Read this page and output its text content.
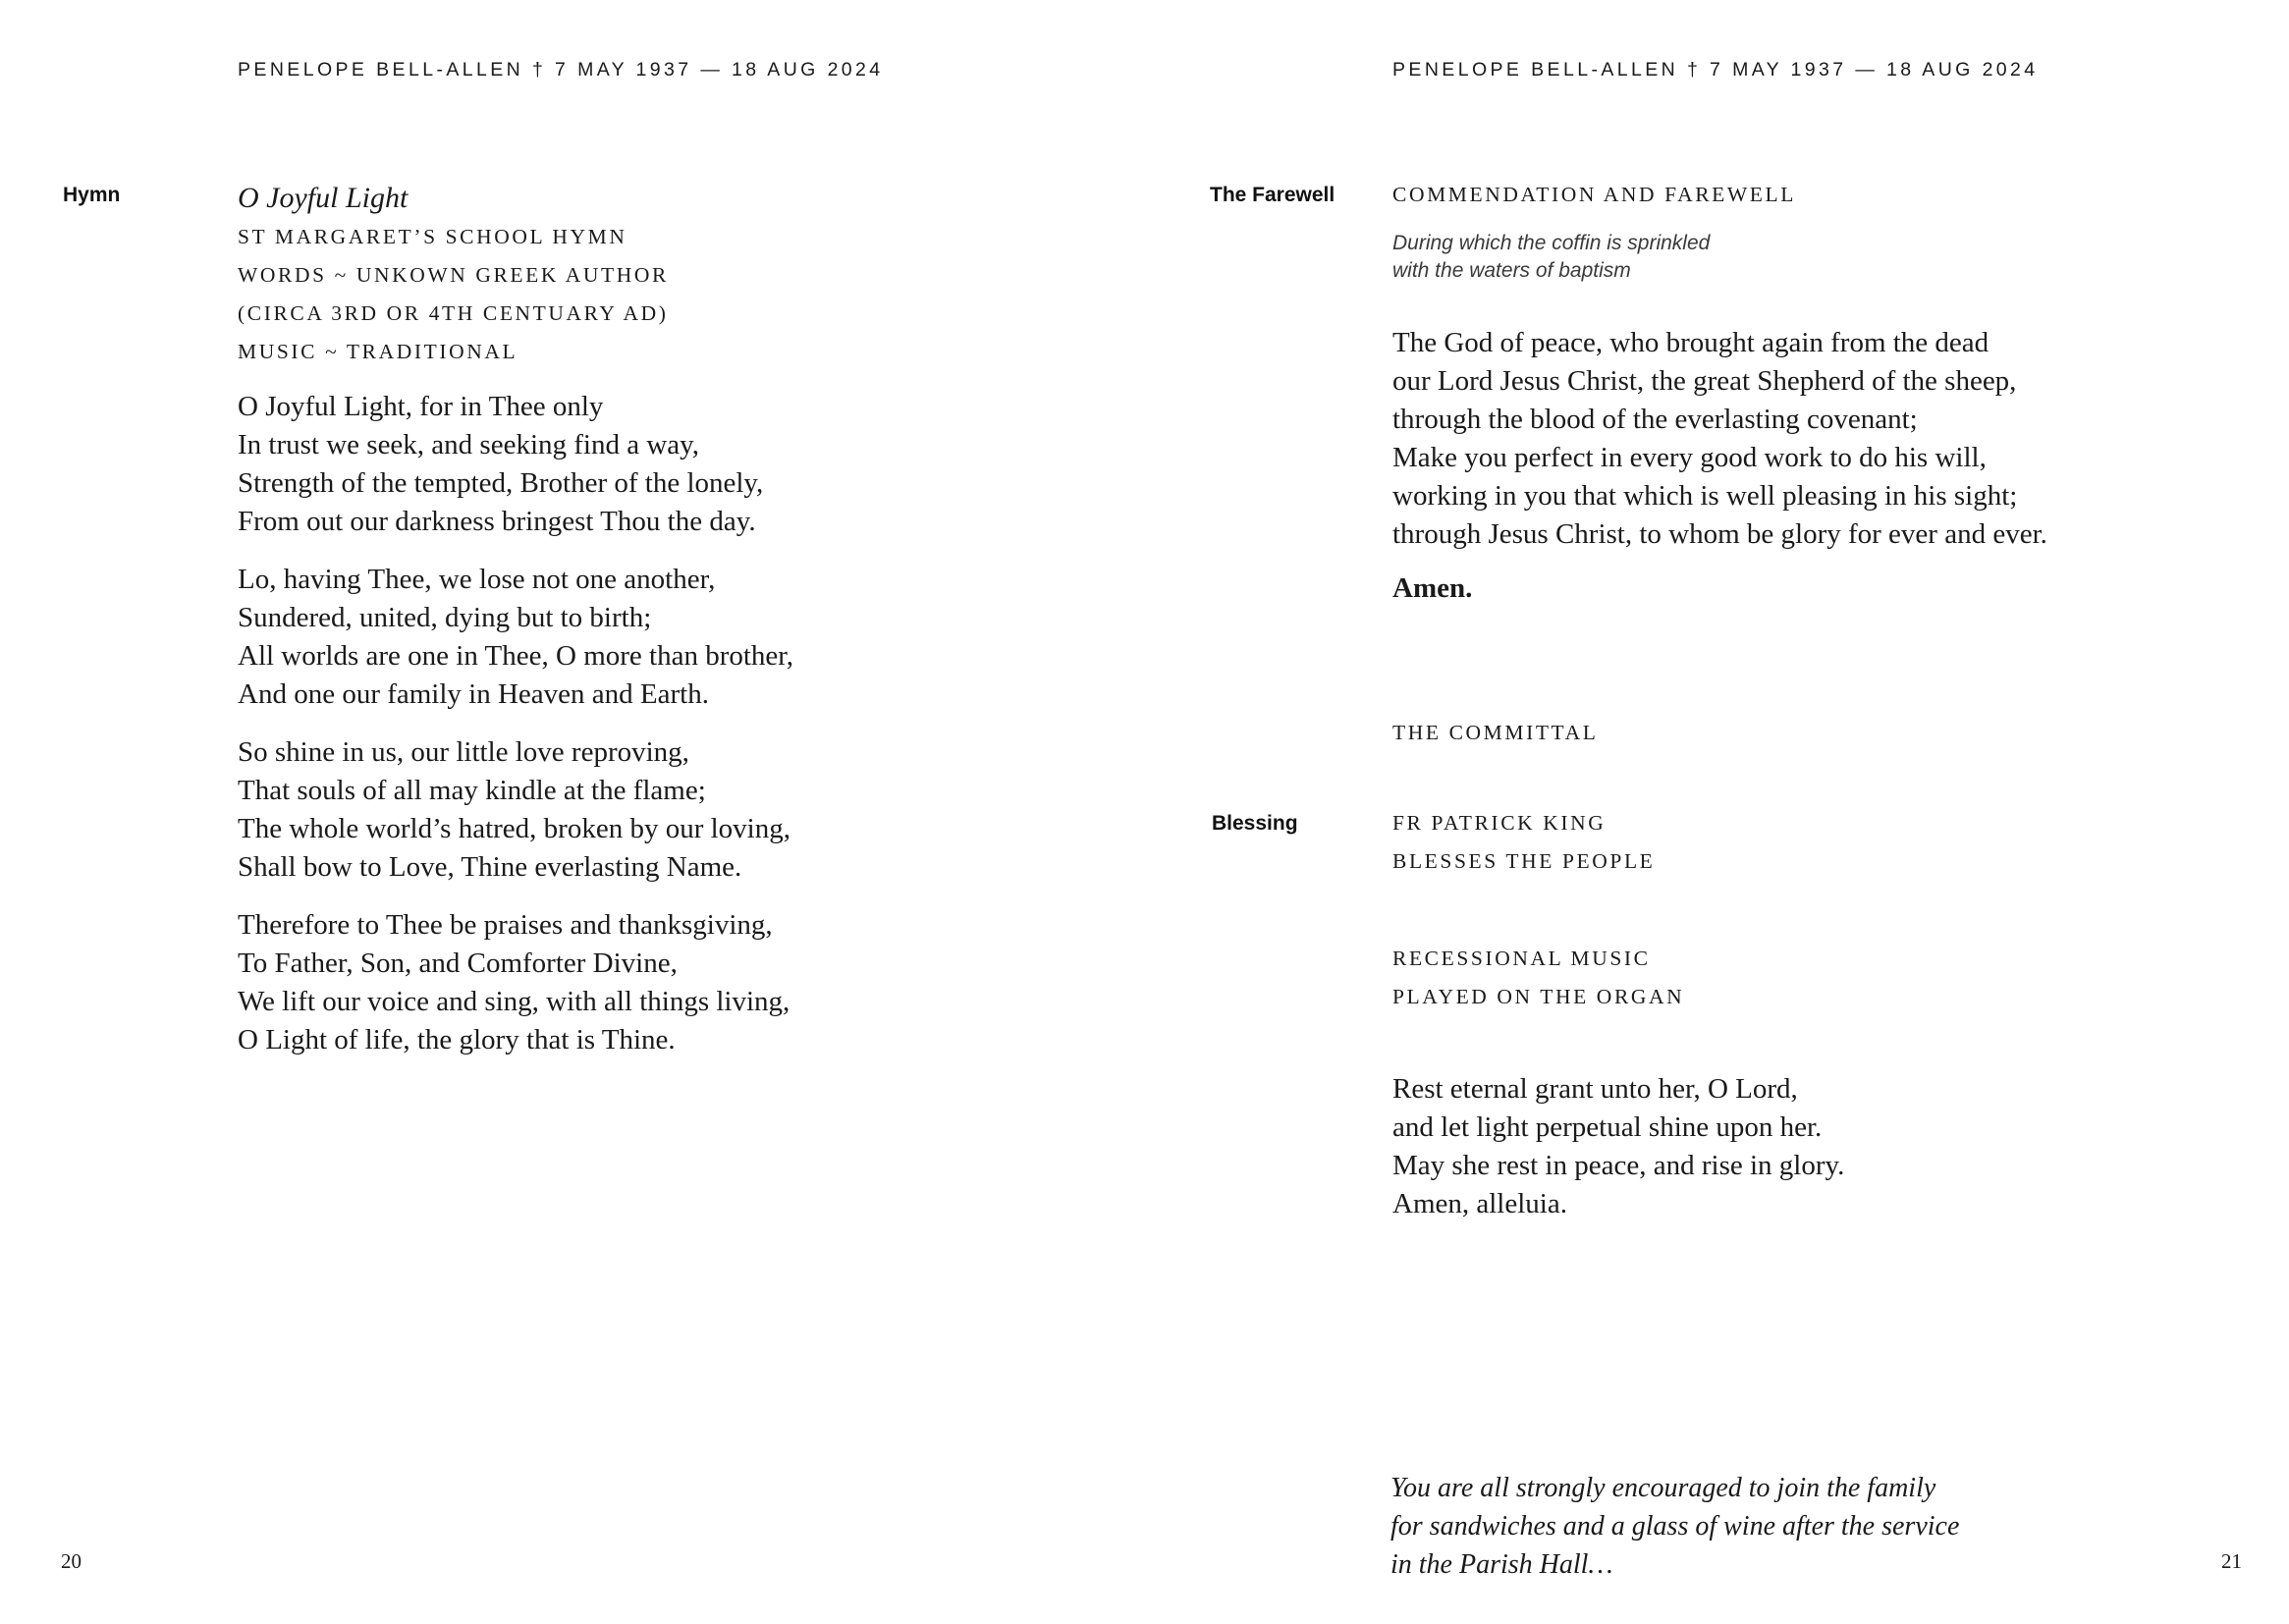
PENELOPE BELL-ALLEN † 7 MAY 1937 — 18 AUG 2024
Hymn	O Joyful Light

ST MARGARET’S SCHOOL HYMN

WORDS ~ UNKOWN GREEK AUTHOR

(CIRCA 3RD OR 4TH CENTUARY AD)

MUSIC ~ TRADITIONAL

O Joyful Light, for in Thee only

In trust we seek, and seeking find a way,

Strength of the tempted, Brother of the lonely,

From out our darkness bringest Thou the day.

Lo, having Thee, we lose not one another,

Sundered, united, dying but to birth;

All worlds are one in Thee, O more than brother,

And one our family in Heaven and Earth.

So shine in us, our little love reproving,

That souls of all may kindle at the flame;

The whole world’s hatred, broken by our loving,

Shall bow to Love, Thine everlasting Name.

Therefore to Thee be praises and thanksgiving,

To Father, Son, and Comforter Divine,

We lift our voice and sing, with all things living,

O Light of life, the glory that is Thine.

20
PENELOPE BELL-ALLEN † 7 MAY 1937 — 18 AUG 2024
The Farewell	COMMENDATION AND FAREWELL

During which the coffin is sprinkled

with the waters of baptism

The God of peace, who brought again from the dead

our Lord Jesus Christ, the great Shepherd of the sheep,

through the blood of the everlasting covenant;

Make you perfect in every good work to do his will,

working in you that which is well pleasing in his sight;

through Jesus Christ, to whom be glory for ever and ever.

Amen.

THE COMMITTAL

Blessing	FR PATRICK KING

BLESSES THE PEOPLE

RECESSIONAL MUSIC

PLAYED ON THE ORGAN

Rest eternal grant unto her, O Lord,

and let light perpetual shine upon her.

May she rest in peace, and rise in glory.

Amen, alleluia.

You are all strongly encouraged to join the family

for sandwiches and a glass of wine after the service

in the Parish Hall…	21
